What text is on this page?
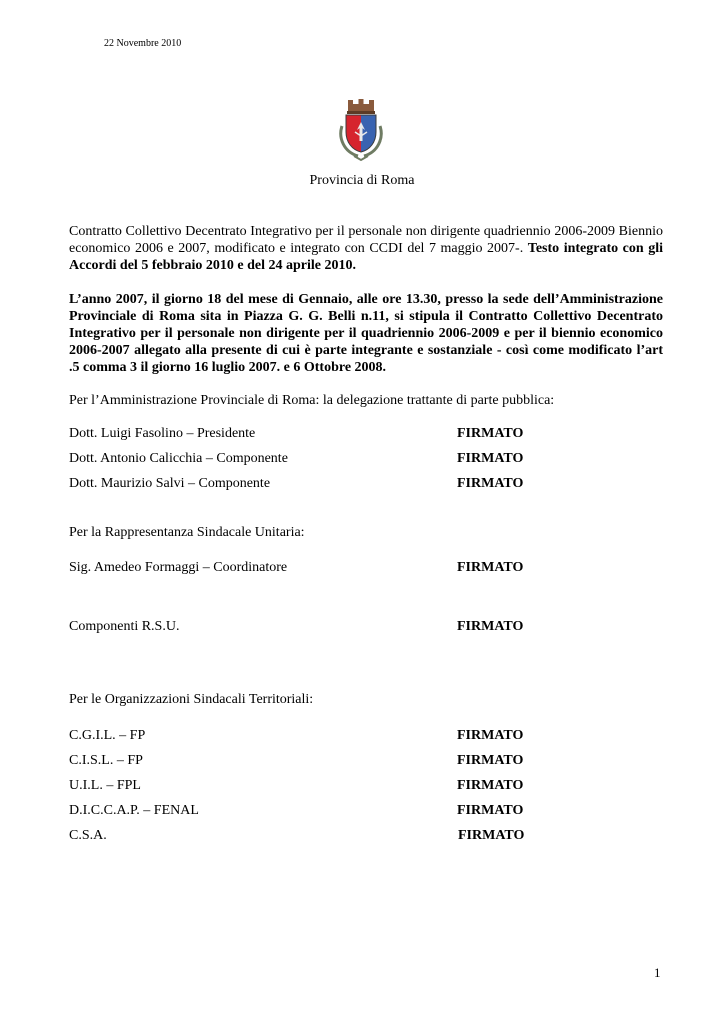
22 Novembre 2010
Provincia di Roma
Contratto Collettivo Decentrato Integrativo per il personale non dirigente quadriennio 2006-2009 Biennio economico 2006 e 2007, modificato e integrato con CCDI del 7 maggio 2007-. Testo integrato con gli Accordi del 5 febbraio 2010 e del 24 aprile 2010.
L’anno 2007, il giorno 18 del mese di Gennaio, alle ore 13.30, presso la sede dell’Amministrazione Provinciale di Roma sita in Piazza G. G. Belli n.11, si stipula il Contratto Collettivo Decentrato Integrativo per il personale non dirigente per il quadriennio 2006-2009 e per il biennio economico 2006-2007 allegato alla presente di cui è parte integrante e sostanziale - così come modificato l’art .5 comma 3 il giorno 16 luglio 2007. e 6 Ottobre 2008.
Per l’Amministrazione Provinciale di Roma: la delegazione trattante di parte pubblica:
Dott. Luigi Fasolino – Presidente	FIRMATO
Dott. Antonio Calicchia – Componente	FIRMATO
Dott. Maurizio Salvi – Componente	FIRMATO
Per la Rappresentanza Sindacale Unitaria:
Sig. Amedeo Formaggi – Coordinatore	FIRMATO
Componenti R.S.U.	FIRMATO
Per le Organizzazioni Sindacali Territoriali:
C.G.I.L. – FP	FIRMATO
C.I.S.L. – FP	FIRMATO
U.I.L. – FPL	FIRMATO
D.I.C.C.A.P. – FENAL	FIRMATO
C.S.A.	FIRMATO
1
